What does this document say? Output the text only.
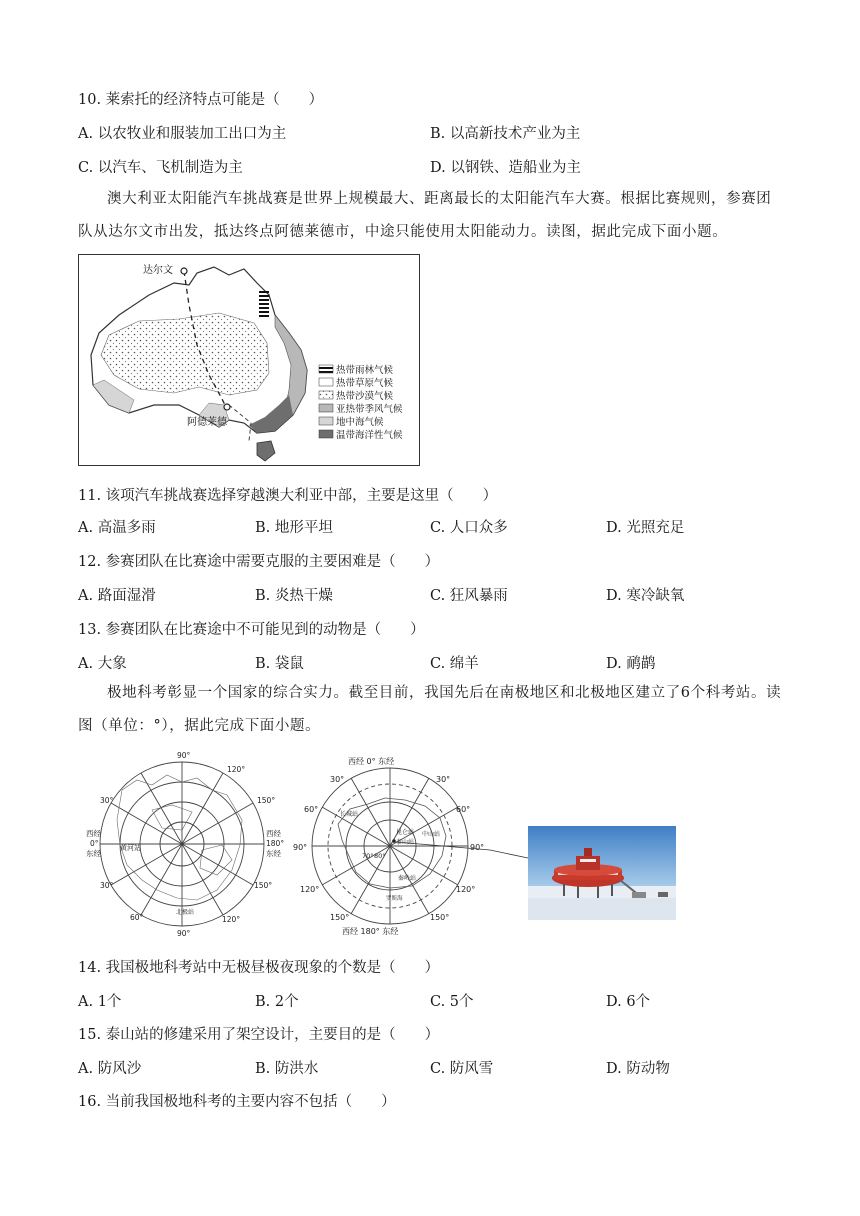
10. 莱索托的经济特点可能是（　　）
A. 以农牧业和服装加工出口为主	B. 以高新技术产业为主
C. 以汽车、飞机制造为主	D. 以钢铁、造船业为主
澳大利亚太阳能汽车挑战赛是世界上规模最大、距离最长的太阳能汽车大赛。根据比赛规则，参赛团队从达尔文市出发，抵达终点阿德莱德市，中途只能使用太阳能动力。读图，据此完成下面小题。
达尔文
阿德莱德
热带雨林气候
热带草原气候
热带沙漠气候
亚热带季风气候
地中海气候
温带海洋性气候
11. 该项汽车挑战赛选择穿越澳大利亚中部，主要是这里（　　）
A. 高温多雨	B. 地形平坦	C. 人口众多	D. 光照充足
12. 参赛团队在比赛途中需要克服的主要困难是（　　）
A. 路面湿滑	B. 炎热干燥	C. 狂风暴雨	D. 寒冷缺氧
13. 参赛团队在比赛途中不可能见到的动物是（　　）
A. 大象	B. 袋鼠	C. 绵羊	D. 鸸鹋
极地科考彰显一个国家的综合实力。截至目前，我国先后在南极地区和北极地区建立了6个科考站。读图（单位：°），据此完成下面小题。
90°
120°
150°
西经
180°
东经
30°
西经
0°
东经
30°
60°
90°
120°
150°
黄河站
北极站
西经 0° 东经
30°	30°
60°	60°
90°	90°
120°	120°
150°	150°
西经 180° 东经
70° 80°
长城站
昆仑站
泰山站
中山站
秦岭站
罗斯海
14. 我国极地科考站中无极昼极夜现象的个数是（　　）
A. 1个	B. 2个	C. 5个	D. 6个
15. 泰山站的修建采用了架空设计，主要目的是（　　）
A. 防风沙	B. 防洪水	C. 防风雪	D. 防动物
16. 当前我国极地科考的主要内容不包括（　　）
